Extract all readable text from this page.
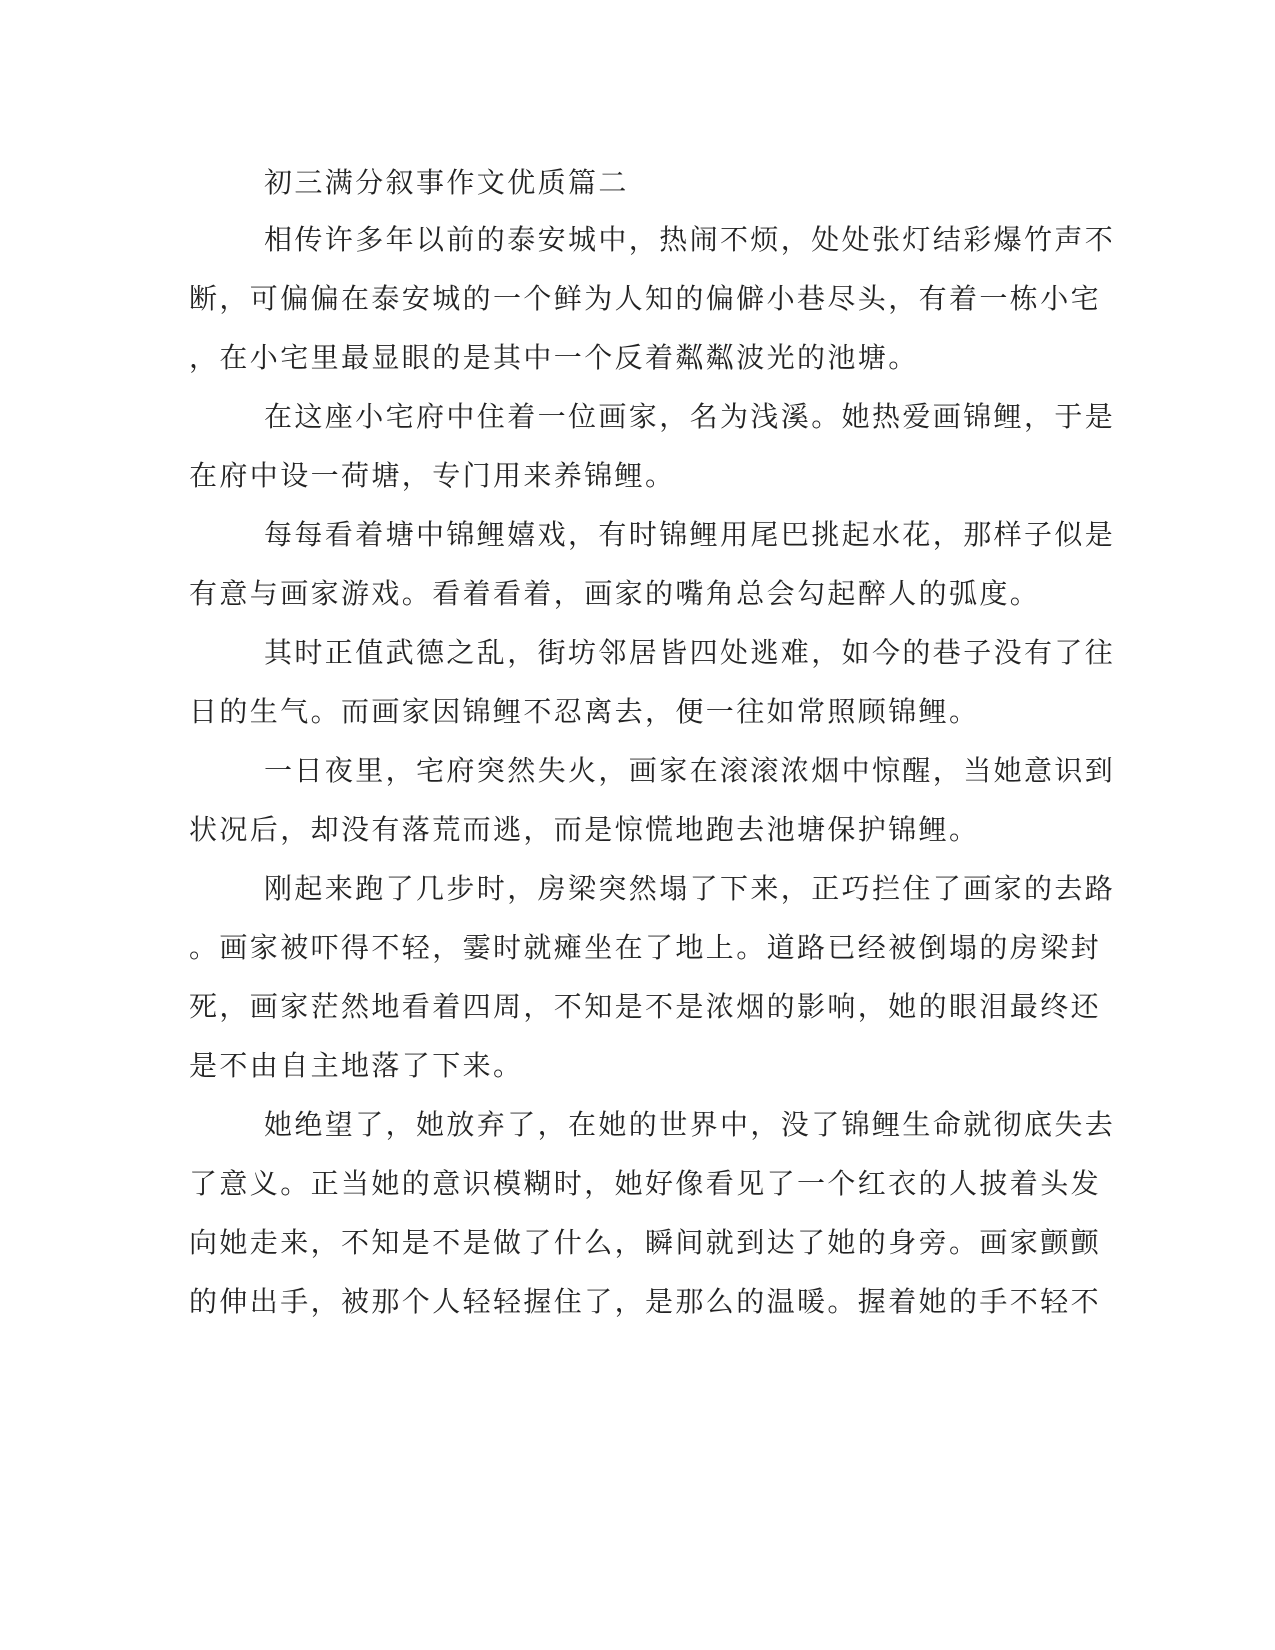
初三满分叙事作文优质篇二
相传许多年以前的泰安城中，热闹不烦，处处张灯结彩爆竹声不
断，可偏偏在泰安城的一个鲜为人知的偏僻小巷尽头，有着一栋小宅
，在小宅里最显眼的是其中一个反着粼粼波光的池塘。
在这座小宅府中住着一位画家，名为浅溪。她热爱画锦鲤，于是
在府中设一荷塘，专门用来养锦鲤。
每每看着塘中锦鲤嬉戏，有时锦鲤用尾巴挑起水花，那样子似是
有意与画家游戏。看着看着，画家的嘴角总会勾起醉人的弧度。
其时正值武德之乱，街坊邻居皆四处逃难，如今的巷子没有了往
日的生气。而画家因锦鲤不忍离去，便一往如常照顾锦鲤。
一日夜里，宅府突然失火，画家在滚滚浓烟中惊醒，当她意识到
状况后，却没有落荒而逃，而是惊慌地跑去池塘保护锦鲤。
刚起来跑了几步时，房梁突然塌了下来，正巧拦住了画家的去路
。画家被吓得不轻，霎时就瘫坐在了地上。道路已经被倒塌的房梁封
死，画家茫然地看着四周，不知是不是浓烟的影响，她的眼泪最终还
是不由自主地落了下来。
她绝望了，她放弃了，在她的世界中，没了锦鲤生命就彻底失去
了意义。正当她的意识模糊时，她好像看见了一个红衣的人披着头发
向她走来，不知是不是做了什么，瞬间就到达了她的身旁。画家颤颤
的伸出手，被那个人轻轻握住了，是那么的温暖。握着她的手不轻不
